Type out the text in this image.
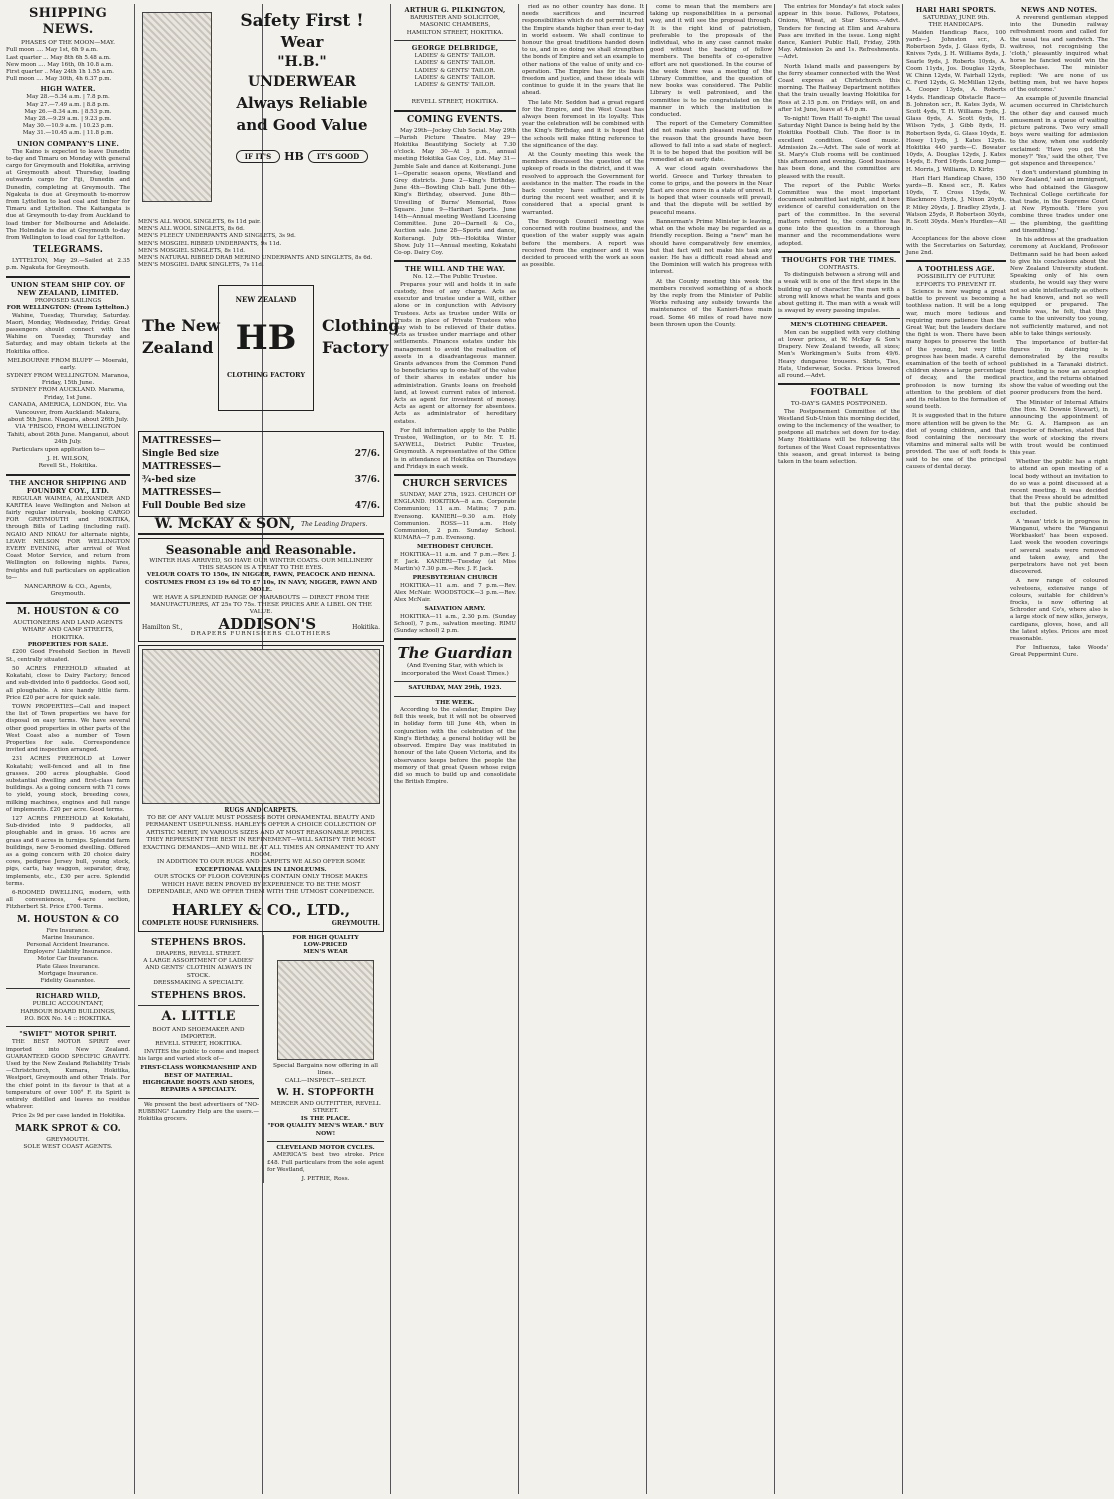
SHIPPING NEWS.
PHASES OF THE MOON—MAY.
Full moon .... May 1st, 6h 9 a.m.
Last quarter ... May 8th 6h 5.48 a.m.
New moon .... May 16th, 0h 10.8 a.m.
First quarter .. May 24th 1h 1.55 a.m.
Full moon .... May 30th, 4h 6.37 p.m.
HIGH WATER.
May 28.—5.34 a.m. | 7.8 p.m.
May 27.—7.49 a.m. | 8.8 p.m.
May 26.—8.34 a.m. | 8.53 p.m.
May 28.—9.29 a.m. | 9.23 p.m.
May 30.—10.9 a.m. | 10.23 p.m.
May 31.—10.45 a.m. | 11.8 p.m.
UNION COMPANY'S LINE.
The Kaino is expected to leave Dunedin to-day and Timaru on Monday with general cargo for Greymouth and Hokitika, arriving at Greymouth about Thursday, loading outwards cargo for Fiji, Dunedin and Dunedin, completing at Greymouth. The Ngakuta is due at Greymouth to-morrow from Lyttelton to load coal and timber for Timaru and Lyttelton. The Kaitangata is due at Greymouth to-day from Auckland to load timber for Melbourne and Adelaide. The Holmdale is due at Greymouth to-day from Wellington to load coal for Lyttelton.
TELEGRAMS.
LYTTELTON, May 29.—Sailed at 2.35 p.m. Ngakuta for Greymouth.
UNION STEAM SHIP COY. OF NEW ZEALAND, LIMITED.
PROPOSED SAILINGS
FOR WELLINGTON: (From Lyttelton.)
Wahine, Tuesday, Thursday, Saturday. Maori, Monday, Wednesday, Friday. Great passengers should connect with the Wahine on Tuesday, Thursday and Saturday, and may obtain tickets at the Hokitika office.
MELBOURNE FROM BLUFF — Moeraki, early.
SYDNEY FROM WELLINGTON. Maranoa, Friday, 15th June.
SYDNEY FROM AUCKLAND. Marama, Friday, 1st June.
CANADA, AMERICA, LONDON, Etc. Via Vancouver, from Auckland: Makura, about 5th June. Niagara, about 26th July.
VIA 'FRISCO, FROM WELLINGTON Tahiti, about 26th June. Manganui, about 24th July.
Particulars upon application to—
J. H. WILSON,
Revell St., Hokitika.
THE ANCHOR SHIPPING AND FOUNDRY COY., LTD.
REGULAR WAIMEA, ALEXANDER AND KARITEA leave Wellington and Nelson at fairly regular intervals, booking CARGO FOR GREYMOUTH and HOKITIKA, through Bills of Lading (including rail). NGAIO AND NIKAU for alternate nights, LEAVE NELSON FOR WELLINGTON EVERY EVENING, after arrival of West Coast Motor Service, and return from Wellington on following nights. Fares, freights and full particulars on application to—
NANCARROW & CO., Agents, Greymouth.
M. HOUSTON & CO
AUCTIONEERS AND LAND AGENTS
WHARF AND CAMP STREETS, HOKITIKA.
PROPERTIES FOR SALE.
£200 Good Freehold Section in Revell St., centrally situated.
50 ACRES FREEHOLD situated at Kokatahi, close to Dairy Factory; fenced and sub-divided into 6 paddocks. Good soil, all ploughable. A nice handy little farm. Price £20 per acre for quick sale.
TOWN PROPERTIES—Call and inspect the list of Town properties we have for disposal on easy terms. We have several other good properties in other parts of the West Coast also a number of Town Properties for sale. Correspondence invited and inspection arranged.
231 ACRES FREEHOLD at Lower Kokatahi; well-fenced and all in fine grasses. 200 acres ploughable. Good substantial dwelling and first-class farm buildings. As a going concern with 71 cows to yield, young stock, breeding cows, milking machines, engines and full range of implements. £20 per acre. Good terms.
127 ACRES FREEHOLD at Kokatahi, Sub-divided into 9 paddocks, all ploughable and in grass. 16 acres are grass and 6 acres in turnips. Splendid farm buildings, new 5-roomed dwelling. Offered as a going concern with 20 choice dairy cows, pedigree Jersey bull, young stock, pigs, carts, hay waggon, separator, dray, implements, etc., £30 per acre. Splendid terms.
6-ROOMED DWELLING, modern, with all conveniences, 4-acre section, Fitzherbert St. Price £700. Terms.
M. HOUSTON & CO
Fire Insurance.
Marine Insurance.
Personal Accident Insurance.
Employers' Liability Insurance.
Motor Car Insurance.
Plate Glass Insurance.
Mortgage Insurance.
Fidelity Guarantee.
RICHARD WILD,
PUBLIC ACCOUNTANT,
HARBOUR BOARD BUILDINGS,
P.O. BOX No. 14 :: HOKITIKA.
"SWIFT" MOTOR SPIRIT.
THE BEST MOTOR SPIRIT ever imported into New Zealand. GUARANTEED GOOD SPECIFIC GRAVITY. Used by the New Zealand Reliability Trials—Christchurch, Kumara, Hokitika, Westport, Greymouth and other Trials. For the chief point in its favour is that at a temperature of over 100° F. its Spirit is entirely distilled and leaves no residue whatever.
Price 2s 9d per case landed in Hokitika.
MARK SPROT & CO.
GREYMOUTH.
SOLE WEST COAST AGENTS.
Safety First !
Wear
"H.B." UNDERWEAR
Always Reliable
and Good Value
IF IT'S	HB	IT'S GOOD
MEN'S ALL WOOL SINGLETS, 6s 11d pair.
MEN'S ALL WOOL SINGLETS, 8s 6d.
MEN'S FLEECY UNDERPANTS AND SINGLETS, 3s 9d.
MEN'S MOSGIEL RIBBED UNDERPANTS, 9s 11d.
MEN'S MOSGIEL SINGLETS, 8s 11d.
MEN'S NATURAL RIBBED DRAB MERINO UNDERPANTS AND SINGLETS, 8s 6d.
MEN'S MOSGIEL DARK SINGLETS, 7s 11d.
The New
Zealand
NEW ZEALAND
HB
CLOTHING FACTORY
Clothing
Factory
MATTRESSES—
Single Bed size	27/6.
MATTRESSES—
¾-bed size	37/6.
MATTRESSES—
Full Double Bed size	47/6.
W. McKAY & SON, The Leading Drapers.
Seasonable and Reasonable.
WINTER HAS ARRIVED, SO HAVE OUR WINTER COATS. OUR MILLINERY THIS SEASON IS A TREAT TO THE EYES.
VELOUR COATS TO 150s, IN NIGGER, FAWN, PEACOCK AND HENNA.
COSTUMES FROM £3 19s 6d TO £7 10s, IN NAVY, NIGGER, FAWN AND MOLE.
WE HAVE A SPLENDID RANGE OF MARABOUTS — DIRECT FROM THE MANUFACTURERS, AT 25s TO 75s. THESE PRICES ARE A LIBEL ON THE VALUE.
Hamilton St., ADDISON'S	Hokitika.
DRAPERS FURNISHERS CLOTHIERS
RUGS AND CARPETS.
TO BE OF ANY VALUE MUST POSSESS BOTH ORNAMENTAL BEAUTY AND PERMANENT USEFULNESS. HARLEY'S OFFER A CHOICE COLLECTION OF ARTISTIC MERIT, IN VARIOUS SIZES AND AT MOST REASONABLE PRICES.
THEY REPRESENT THE BEST IN REFINEMENT—WILL SATISFY THE MOST EXACTING DEMANDS—AND WILL BE AT ALL TIMES AN ORNAMENT TO ANY ROOM.
IN ADDITION TO OUR RUGS AND CARPETS WE ALSO OFFER SOME
EXCEPTIONAL VALUES IN LINOLEUMS.
OUR STOCKS OF FLOOR COVERINGS CONTAIN ONLY THOSE MAKES WHICH HAVE BEEN PROVED BY EXPERIENCE TO BE THE MOST DEPENDABLE, AND WE OFFER THEM WITH THE UTMOST CONFIDENCE.
HARLEY & CO., LTD.,
COMPLETE HOUSE FURNISHERS.	GREYMOUTH.
STEPHENS BROS.
DRAPERS, REVELL STREET.
A LARGE ASSORTMENT OF LADIES' AND GENTS' CLOTHIN ALWAYS IN STOCK.
DRESSMAKING A SPECIALTY.
STEPHENS BROS.
A. LITTLE
BOOT AND SHOEMAKER AND IMPORTER.
REVELL STREET, HOKITIKA.
INVITES the public to come and inspect his large and varied stock of—
FIRST-CLASS WORKMANSHIP AND BEST OF MATERIAL.
HIGHGRADE BOOTS AND SHOES, REPAIRS A SPECIALTY.
We present the best advertisers of "NO-RUBBING" Laundry Help are the users.—Hokitika grocers.
FOR HIGH QUALITY
LOW-PRICED
MEN'S WEAR
Special Bargains now offering in all lines.
CALL—INSPECT—SELECT.
W. H. STOPFORTH
MERCER AND OUTFITTER, REVELL STREET.
IS THE PLACE.
"FOR QUALITY MEN'S WEAR." BUY NOW!
CLEVELAND MOTOR CYCLES.
AMERICA'S best two stroke. Price £48. Full particulars from the sole agent for Westland,
J. PETRIE, Ross.
ARTHUR G. PILKINGTON,
BARRISTER AND SOLICITOR,
MASONIC CHAMBERS,
HAMILTON STREET, HOKITIKA.
GEORGE DELBRIDGE,
LADIES' & GENTS' TAILOR.
LADIES' & GENTS' TAILOR.
LADIES' & GENTS' TAILOR.
LADIES' & GENTS' TAILOR.
LADIES' & GENTS' TAILOR.
REVELL STREET, HOKITIKA.
COMING EVENTS.
May 29th—Jockey Club Social. May 29th—Parish Picture Theatre. May 29—Hokitika Beautifying Society at 7.30 o'clock. May 30—At 3 p.m., annual meeting Hokitika Gas Coy., Ltd. May 31—Jumble Sale and dance at Koiterangi. June 1—Operatic season opens, Westland and Grey districts. June 2—King's Birthday. June 4th—Bowling Club ball. June 6th—King's Birthday, observed. June 8th—Unveiling of Burns' Memorial, Ross Square. June 9—Harihari Sports. June 14th—Annual meeting Westland Licensing Committee. June 20—Darnell & Co., Auction sale. June 28—Sports and dance, Koiterangi. July 9th—Hokitika Winter Show. July 11—Annual meeting, Kokatahi Co-op. Dairy Coy.
THE WILL AND THE WAY.
No. 12.—The Public Trustee.
Prepares your will and holds it in safe custody, free of any charge. Acts as executor and trustee under a Will, either alone or in conjunction with Advisory Trustees. Acts as trustee under Wills or Trusts in place of Private Trustees who may wish to be relieved of their duties. Acts as trustee under marriage and other settlements. Finances estates under his management to avoid the realisation of assets in a disadvantageous manner. Grants advances from the Common Fund to beneficiaries up to one-half of the value of their shares in estates under his administration. Grants loans on freehold land, at lowest current rates of interest. Acts as agent for investment of money. Acts as agent or attorney for absentees. Acts as administrator of hereditary estates.
For full information apply to the Public Trustee, Wellington, or to Mr. T. H. SAYWELL, District Public Trustee, Greymouth. A representative of the Office is in attendance at Hokitika on Thursdays and Fridays in each week.
CHURCH SERVICES
SUNDAY, MAY 27th, 1923. CHURCH OF ENGLAND. HOKITIKA—8 a.m. Corporate Communion; 11 a.m. Matins; 7 p.m. Evensong. KANIERI—9.30 a.m. Holy Communion. ROSS—11 a.m. Holy Communion, 2 p.m. Sunday School. KUMARA—7 p.m. Evensong.
METHODIST CHURCH.
HOKITIKA—11 a.m. and 7 p.m.—Rev. J. F. Jack. KANIERI—Tuesday (at Miss Martin's) 7.30 p.m.—Rev. J. F. Jack.
PRESBYTERIAN CHURCH
HOKITIKA—11 a.m. and 7 p.m.—Rev. Alex McNair. WOODSTOCK—3 p.m.—Rev. Alex McNair.
SALVATION ARMY.
HOKITIKA—11 a.m., 2.30 p.m. (Sunday School), 7 p.m., salvation meeting. RIMU (Sunday school) 2 p.m.
The Guardian
(And Evening Star, with which is incorporated the West Coast Times.)
SATURDAY, MAY 29th, 1923.
THE WEEK.
According to the calendar, Empire Day fell this week, but it will not be observed in holiday form till June 4th, when in conjunction with the celebration of the King's Birthday, a general holiday will be observed. Empire Day was instituted in honour of the late Queen Victoria, and its observance keeps before the people the memory of that great Queen whose reign did so much to build up and consolidate the British Empire.
ried as no other country has done. It needs sacrifices and incurred responsibilities which do not permit it, but the Empire stands higher than ever to-day in world esteem. We shall continue to honour the great traditions handed down to us, and in so doing we shall strengthen the bonds of Empire and set an example to other nations of the value of unity and co-operation. The Empire has for its basis freedom and justice, and these ideals will continue to guide it in the years that lie ahead.
The late Mr. Seddon had a great regard for the Empire, and the West Coast has always been foremost in its loyalty. This year the celebration will be combined with the King's Birthday, and it is hoped that the schools will make fitting reference to the significance of the day.
At the County meeting this week the members discussed the question of the upkeep of roads in the district, and it was resolved to approach the Government for assistance in the matter. The roads in the back country have suffered severely during the recent wet weather, and it is considered that a special grant is warranted.
The Borough Council meeting was concerned with routine business, and the question of the water supply was again before the members. A report was received from the engineer and it was decided to proceed with the work as soon as possible.
come to mean that the members are taking up responsibilities in a personal way, and it will see the proposal through. It is the right kind of patriotism, preferable to the proposals of the individual, who in any case cannot make good without the backing of fellow members. The benefits of co-operative effort are not questioned. In the course of the week there was a meeting of the Library Committee, and the question of new books was considered. The Public Library is well patronised, and the committee is to be congratulated on the manner in which the institution is conducted.
The report of the Cemetery Committee did not make such pleasant reading, for the reason that the grounds have been allowed to fall into a sad state of neglect. It is to be hoped that the position will be remedied at an early date.
A war cloud again overshadows the world. Greece and Turkey threaten to come to grips, and the powers in the Near East are once more in a state of unrest. It is hoped that wiser counsels will prevail, and that the dispute will be settled by peaceful means.
Bannerman's Prime Minister is leaving, what on the whole may be regarded as a friendly reception. Being a "new" man he should have comparatively few enemies, but that fact will not make his task any easier. He has a difficult road ahead and the Dominion will watch his progress with interest.
At the County meeting this week the members received something of a shock by the reply from the Minister of Public Works refusing any subsidy towards the maintenance of the Kanieri-Ross main road. Some 46 miles of road have now been thrown upon the County.
The entries for Monday's fat stock sales appear in this issue. Fallows, Potatoes, Onions, Wheat, at Star Stores.—Advt. Tenders for fencing at Elim and Arahura Pass are invited in the issue. Long night dance, Kanieri Public Hall, Friday, 29th May. Admission 2s and 1s. Refreshments.—Advt.
North Island mails and passengers by the ferry steamer connected with the West Coast express at Christchurch this morning. The Railway Department notifies that the train usually leaving Hokitika for Ross at 2.15 p.m. on Fridays will, on and after 1st June, leave at 4.0 p.m.
To-night! Town Hall! To-night! The usual Saturday Night Dance is being held by the Hokitika Football Club. The floor is in excellent condition. Good music. Admission 2s.—Advt. The sale of work at St. Mary's Club rooms will be continued this afternoon and evening. Good business has been done, and the committee are pleased with the result.
The report of the Public Works Committee was the most important document submitted last night, and it bore evidence of careful consideration on the part of the committee. In the several matters referred to, the committee has gone into the question in a thorough manner and the recommendations were adopted.
THOUGHTS FOR THE TIMES.
CONTRASTS.
To distinguish between a strong will and a weak will is one of the first steps in the building up of character. The man with a strong will knows what he wants and goes about getting it. The man with a weak will is swayed by every passing impulse.
MEN'S CLOTHING CHEAPER.
Men can be supplied with very clothing at lower prices, at W. McKay & Son's Drapery. New Zealand tweeds, all sizes; Men's Workingmen's Suits from 49/6. Heavy dungaree trousers. Shirts, Ties, Hats, Underwear, Socks. Prices lowered all round.—Advt.
FOOTBALL
TO-DAY'S GAMES POSTPONED.
The Postponement Committee of the Westland Sub-Union this morning decided, owing to the inclemency of the weather, to postpone all matches set down for to-day. Many Hokitikians will be following the fortunes of the West Coast representatives this season, and great interest is being taken in the team selection.
HARI HARI SPORTS.
SATURDAY, JUNE 9th.
THE HANDICAPS.
Maiden Handicap Race, 100 yards—J. Johnston scr., A. Robertson 5yds, J. Glass 6yds, D. Knives 7yds, J. H. Williams 8yds, J. Searle 9yds, J. Roberts 10yds, A. Coom 11yds, Jos. Douglas 12yds, W. Chinn 12yds, W. Fairhall 12yds, C. Ford 12yds, G. McMillan 12yds, A. Cooper 13yds, A. Roberts 14yds. Handicap Obstacle Race—B. Johnston scr., R. Kates 3yds, W. Scott 4yds, T. H. Williams 5yds, J. Glass 6yds, A. Scott 6yds, H. Wilson 7yds, J. Gibb 8yds, H. Robertson 9yds, G. Glass 10yds, E. Hosey 11yds, J. Kates 12yds. Hokitika 440 yards—C. Bowater 10yds, A. Douglas 12yds, J. Kates 14yds, E. Ford 16yds. Long Jump—H. Morris, J. Williams, D. Kirby.
Hari Hari Handicap Chase, 150 yards—B. Knesi scr., R. Kates 10yds, T. Cross 15yds, W. Blackmore 15yds, J. Nixon 20yds, P. Miley 20yds, J. Bradley 25yds, J. Watson 25yds, P. Robertson 30yds, R. Scott 30yds. Men's Hurdles—All in.
Acceptances for the above close with the Secretaries on Saturday, June 2nd.
A TOOTHLESS AGE.
POSSIBILITY OF FUTURE EFFORTS TO PREVENT IT.
Science is now waging a great battle to prevent us becoming a toothless nation. It will be a long war, much more tedious and requiring more patience than the Great War, but the leaders declare the fight is won. There have been many hopes to preserve the teeth of the young, but very little progress has been made. A careful examination of the teeth of school children shows a large percentage of decay, and the medical profession is now turning its attention to the problem of diet and its relation to the formation of sound teeth.
It is suggested that in the future more attention will be given to the diet of young children, and that food containing the necessary vitamins and mineral salts will be provided. The use of soft foods is said to be one of the principal causes of dental decay.
NEWS AND NOTES.
A reverend gentleman stepped into the Dunedin railway refreshment room and called for the usual tea and sandwich. The waitress, not recognising the 'cloth,' pleasantly inquired what horse he fancied would win the Steeplechase. The minister replied: 'We are none of us betting men, but we have hopes of the outcome.'
An example of juvenile financial acumen occurred in Christchurch the other day and caused much amusement in a queue of waiting picture patrons. Two very small boys were waiting for admission to the show, when one suddenly exclaimed: 'Have you got the money?' 'Yes,' said the other, 'I've got sixpence and threepence.'
'I don't understand plumbing in New Zealand,' said an immigrant, who had obtained the Glasgow Technical College certificate for that trade, in the Supreme Court at New Plymouth. 'Here you combine three trades under one — the plumbing, the gasfitting and tinsmithing.'
In his address at the graduation ceremony at Auckland, Professor Dettmann said he had been asked to give his conclusions about the New Zealand University student. Speaking only of his own students, he would say they were not so able intellectually as others he had known, and not so well equipped or prepared. The trouble was, he felt, that they came to the university too young, not sufficiently matured, and not able to take things seriously.
The importance of butter-fat figures in dairying is demonstrated by the results published in a Taranaki district. Herd testing is now an accepted practice, and the returns obtained show the value of weeding out the poorer producers from the herd.
The Minister of Internal Affairs (the Hon. W. Downie Stewart), in announcing the appointment of Mr. G. A. Hampson as an inspector of fisheries, stated that the work of stocking the rivers with trout would be continued this year.
Whether the public has a right to attend an open meeting of a local body without an invitation to do so was a point discussed at a recent meeting. It was decided that the Press should be admitted but that the public should be excluded.
A 'mean' trick is in progress in Wanganui, where the 'Wanganui Workbasket' has been exposed. Last week the wooden coverings of several seats were removed and taken away, and the perpetrators have not yet been discovered.
A new range of coloured velveteens, extensive range of colours, suitable for children's frocks, is now offering at Schroder and Co's, where also is a large stock of new silks, jerseys, cardigans, gloves, hose, and all the latest styles. Prices are most reasonable.
For Influenza, take Woods' Great Peppermint Cure.
